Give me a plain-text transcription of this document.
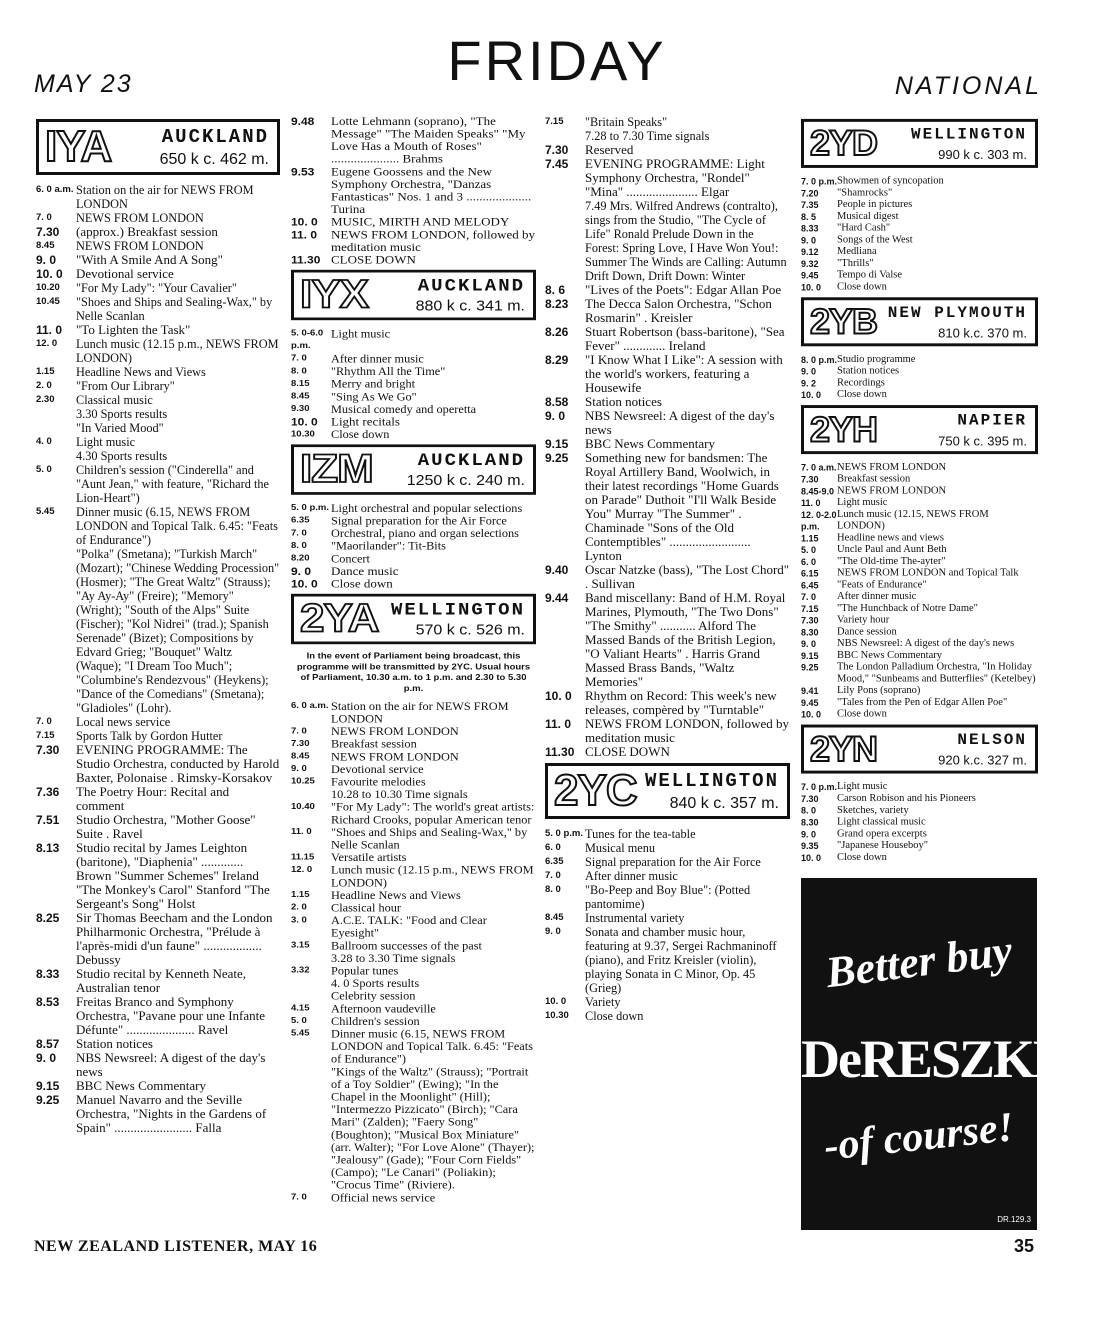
MAY 23	FRIDAY	NATIONAL
IYA	AUCKLAND
650 k c. 462 m.
6. 0 a.m. Station on the air for NEWS FROM LONDON
7. 0	NEWS FROM LONDON
7.30	(approx.) Breakfast session
8.45	NEWS FROM LONDON
9. 0	"With A Smile And A Song"
10. 0	Devotional service
10.20	"For My Lady": "Your Cavalier"
10.45	"Shoes and Ships and Sealing-Wax," by Nelle Scanlan
11. 0	"To Lighten the Task"
12. 0	Lunch music (12.15 p.m., NEWS FROM LONDON)
1.15	Headline News and Views
2. 0	"From Our Library"
2.30	Classical music
3.30 Sports results
"In Varied Mood"
4. 0	Light music
4.30 Sports results
5. 0	Children's session ("Cinderella" and "Aunt Jean," with feature, "Richard the Lion-Heart")
5.45	Dinner music (6.15, NEWS FROM LONDON and Topical Talk. 6.45: "Feats of Endurance")
"Polka" (Smetana); "Turkish March" (Mozart); "Chinese Wedding Procession" (Hosmer); "The Great Waltz" (Strauss); "Ay Ay-Ay" (Freire); "Memory" (Wright); "South of the Alps" Suite (Fischer); "Kol Nidrei" (trad.); Spanish Serenade" (Bizet); Compositions by Edvard Grieg; "Bouquet" Waltz (Waque); "I Dream Too Much"; "Columbine's Rendezvous" (Heykens); "Dance of the Comedians" (Smetana); "Gladioles" (Lohr).
7. 0	Local news service
7.15	Sports Talk by Gordon Hutter
7.30	EVENING PROGRAMME: The Studio Orchestra, conducted by Harold Baxter, Polonaise . Rimsky-Korsakov
7.36	The Poetry Hour: Recital and comment
7.51	Studio Orchestra, "Mother Goose" Suite . Ravel
8.13	Studio recital by James Leighton (baritone), "Diaphenia" ............. Brown "Summer Schemes" Ireland "The Monkey's Carol" Stanford "The Sergeant's Song" Holst
8.25	Sir Thomas Beecham and the London Philharmonic Orchestra, "Prélude à l'après-midi d'un faune" .................. Debussy
8.33	Studio recital by Kenneth Neate, Australian tenor
8.53	Freitas Branco and Symphony Orchestra, "Pavane pour une Infante Défunte" ..................... Ravel
8.57	Station notices
9. 0	NBS Newsreel: A digest of the day's news
9.15	BBC News Commentary
9.25	Manuel Navarro and the Seville Orchestra, "Nights in the Gardens of Spain" ........................ Falla
9.48	Lotte Lehmann (soprano), "The Message" "The Maiden Speaks" "My Love Has a Mouth of Roses" ..................... Brahms
9.53	Eugene Goossens and the New Symphony Orchestra, "Danzas Fantasticas" Nos. 1 and 3 .................... Turina
10. 0	MUSIC, MIRTH AND MELODY
11. 0	NEWS FROM LONDON, followed by meditation music
11.30 CLOSE DOWN
IYX	AUCKLAND
880 k c. 341 m.
5. 0-6.0 p.m.
Light music
7. 0	After dinner music
8. 0	"Rhythm All the Time"
8.15	Merry and bright
8.45	"Sing As We Go"
9.30	Musical comedy and operetta
10. 0	Light recitals
10.30	Close down
IZM AUCKLAND
1250 k c. 240 m.
5. 0 p.m. Light orchestral and popular selections
6.35	Signal preparation for the Air Force
7. 0	Orchestral, piano and organ selections
8. 0	"Maorilander": Tit-Bits
8.20	Concert
9. 0	Dance music
10. 0	Close down
2YA WELLINGTON
570 k c. 526 m.
In the event of Parliament being broadcast, this programme will be transmitted by 2YC. Usual hours of Parliament, 10.30 a.m. to 1 p.m. and 2.30 to 5.30 p.m.
6. 0 a.m. Station on the air for NEWS FROM LONDON
7. 0	NEWS FROM LONDON
7.30	Breakfast session
8.45	NEWS FROM LONDON
9. 0	Devotional service
10.25	Favourite melodies
10.28 to 10.30 Time signals
10.40	"For My Lady": The world's great artists: Richard Crooks, popular American tenor
11. 0	"Shoes and Ships and Sealing-Wax," by Nelle Scanlan
11.15	Versatile artists
12. 0	Lunch music (12.15 p.m., NEWS FROM LONDON)
1.15	Headline News and Views
2. 0	Classical hour
3. 0	A.C.E. TALK: "Food and Clear Eyesight"
3.15	Ballroom successes of the past
3.28 to 3.30 Time signals
3.32	Popular tunes
4. 0 Sports results
Celebrity session
4.15	Afternoon vaudeville
5. 0	Children's session
5.45	Dinner music (6.15, NEWS FROM LONDON and Topical Talk. 6.45: "Feats of Endurance")
"Kings of the Waltz" (Strauss); "Portrait of a Toy Soldier" (Ewing); "In the Chapel in the Moonlight" (Hill); "Intermezzo Pizzicato" (Birch); "Cara Mari" (Zalden); "Faery Song" (Boughton); "Musical Box Miniature" (arr. Walter); "For Love Alone" (Thayer); "Jealousy" (Gade); "Four Corn Fields" (Campo); "Le Canari" (Poliakin); "Crocus Time" (Riviere).
7. 0	Official news service
7.15	"Britain Speaks"
7.28 to 7.30 Time signals
7.30	Reserved
7.45	EVENING PROGRAMME: Light Symphony Orchestra, "Rondel" "Mina" ...................... Elgar
7.49 Mrs. Wilfred Andrews (contralto), sings from the Studio, "The Cycle of Life" Ronald Prelude Down in the Forest: Spring Love, I Have Won You!: Summer The Winds are Calling: Autumn Drift Down, Drift Down: Winter
8. 6	"Lives of the Poets": Edgar Allan Poe
8.23	The Decca Salon Orchestra, "Schon Rosmarin" . Kreisler
8.26	Stuart Robertson (bass-baritone), "Sea Fever" ............. Ireland
8.29	"I Know What I Like": A session with the world's workers, featuring a Housewife
8.58	Station notices
9. 0	NBS Newsreel: A digest of the day's news
9.15	BBC News Commentary
9.25	Something new for bandsmen: The Royal Artillery Band, Woolwich, in their latest recordings "Home Guards on Parade" Duthoit "I'll Walk Beside You" Murray "The Summer" . Chaminade "Sons of the Old Contemptibles" ......................... Lynton
9.40	Oscar Natzke (bass), "The Lost Chord" . Sullivan
9.44	Band miscellany: Band of H.M. Royal Marines, Plymouth, "The Two Dons" "The Smithy" ........... Alford The Massed Bands of the British Legion, "O Valiant Hearts" . Harris Grand Massed Brass Bands, "Waltz Memories"
10. 0	Rhythm on Record: This week's new releases, compèred by "Turntable"
11. 0	NEWS FROM LONDON, followed by meditation music
11.30 CLOSE DOWN
2YC WELLINGTON
840 k c. 357 m.
5. 0 p.m. Tunes for the tea-table
6. 0	Musical menu
6.35	Signal preparation for the Air Force
7. 0	After dinner music
8. 0	"Bo-Peep and Boy Blue": (Potted pantomime)
8.45	Instrumental variety
9. 0	Sonata and chamber music hour, featuring at 9.37, Sergei Rachmaninoff (piano), and Fritz Kreisler (violin), playing Sonata in C Minor, Op. 45 (Grieg)
10. 0	Variety
10.30	Close down
2YD WELLINGTON
990 k c. 303 m.
7. 0 p.m. Showmen of syncopation
7.20	"Shamrocks"
7.35	People in pictures
8. 5	Musical digest
8.33	"Hard Cash"
9. 0	Songs of the West
9.12	Medliana
9.32	"Thrills"
9.45	Tempo di Valse
10. 0	Close down
2YB NEW PLYMOUTH
810 k.c. 370 m.
8. 0 p.m. Studio programme
9. 0	Station notices
9. 2	Recordings
10. 0	Close down
2YH	NAPIER
750 k c. 395 m.
7. 0 a.m. NEWS FROM LONDON
7.30	Breakfast session
8.45-9.0 NEWS FROM LONDON
11. 0	Light music
12. 0-2.0 p.m.
Lunch music (12.15, NEWS FROM LONDON)
1.15	Headline news and views
5. 0	Uncle Paul and Aunt Beth
6. 0	"The Old-time The-ayter"
6.15	NEWS FROM LONDON and Topical Talk
6.45	"Feats of Endurance"
7. 0	After dinner music
7.15	"The Hunchback of Notre Dame"
7.30	Variety hour
8.30	Dance session
9. 0	NBS Newsreel: A digest of the day's news
9.15	BBC News Commentary
9.25	The London Palladium Orchestra, "In Holiday Mood," "Sunbeams and Butterflies" (Ketelbey)
9.41	Lily Pons (soprano)
9.45	"Tales from the Pen of Edgar Allen Poe"
10. 0	Close down
2YN	NELSON
920 k.c. 327 m.
7. 0 p.m. Light music
7.30	Carson Robison and his Pioneers
8. 0	Sketches, variety
8.30	Light classical music
9. 0	Grand opera excerpts
9.35	"Japanese Houseboy"
10. 0	Close down
Better buy
DeRESZKE
-of course!
DR.129.3
NEW ZEALAND LISTENER, MAY 16	35
